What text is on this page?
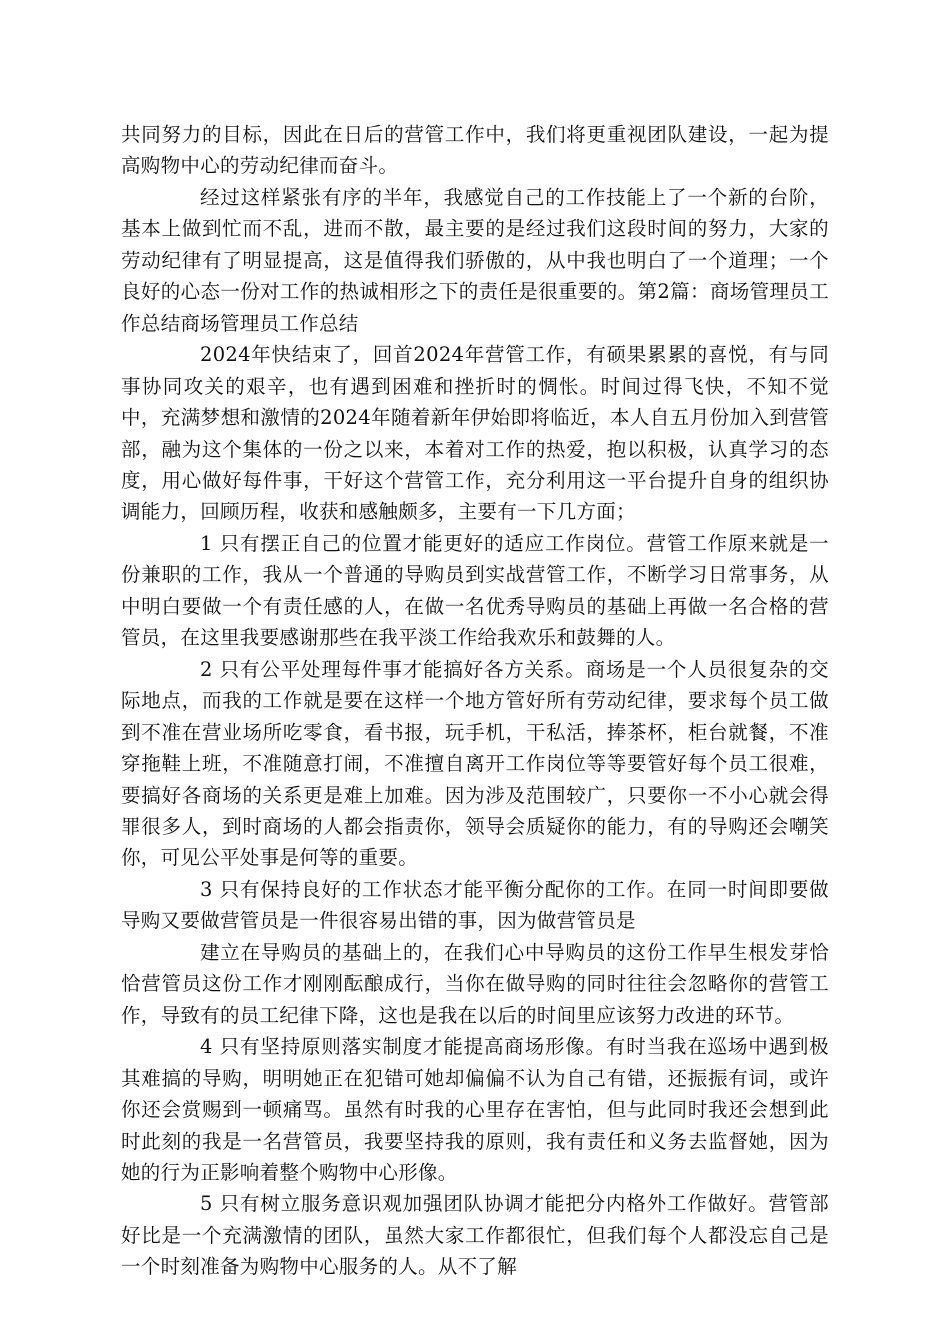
共同努力的目标，因此在日后的营管工作中，我们将更重视团队建设，一起为提高购物中心的劳动纪律而奋斗。

经过这样紧张有序的半年，我感觉自己的工作技能上了一个新的台阶，基本上做到忙而不乱，进而不散，最主要的是经过我们这段时间的努力，大家的劳动纪律有了明显提高，这是值得我们骄傲的，从中我也明白了一个道理；一个良好的心态一份对工作的热诚相形之下的责任是很重要的。第2篇：商场管理员工作总结商场管理员工作总结

2024年快结束了，回首2024年营管工作，有硕果累累的喜悦，有与同事协同攻关的艰辛，也有遇到困难和挫折时的惆怅。时间过得飞快，不知不觉中，充满梦想和激情的2024年随着新年伊始即将临近，本人自五月份加入到营管部，融为这个集体的一份之以来，本着对工作的热爱，抱以积极，认真学习的态度，用心做好每件事，干好这个营管工作，充分利用这一平台提升自身的组织协调能力，回顾历程，收获和感触颇多，主要有一下几方面；

1 只有摆正自己的位置才能更好的适应工作岗位。营管工作原来就是一份兼职的工作，我从一个普通的导购员到实战营管工作，不断学习日常事务，从中明白要做一个有责任感的人，在做一名优秀导购员的基础上再做一名合格的营管员，在这里我要感谢那些在我平淡工作给我欢乐和鼓舞的人。

2 只有公平处理每件事才能搞好各方关系。商场是一个人员很复杂的交际地点，而我的工作就是要在这样一个地方管好所有劳动纪律，要求每个员工做到不准在营业场所吃零食，看书报，玩手机，干私活，捧茶杯，柜台就餐，不准穿拖鞋上班，不准随意打闹，不准擅自离开工作岗位等等要管好每个员工很难，要搞好各商场的关系更是难上加难。因为涉及范围较广，只要你一不小心就会得罪很多人，到时商场的人都会指责你，领导会质疑你的能力，有的导购还会嘲笑你，可见公平处事是何等的重要。

3 只有保持良好的工作状态才能平衡分配你的工作。在同一时间即要做导购又要做营管员是一件很容易出错的事，因为做营管员是

建立在导购员的基础上的，在我们心中导购员的这份工作早生根发芽恰恰营管员这份工作才刚刚酝酿成行，当你在做导购的同时往往会忽略你的营管工作，导致有的员工纪律下降，这也是我在以后的时间里应该努力改进的环节。

4 只有坚持原则落实制度才能提高商场形像。有时当我在巡场中遇到极其难搞的导购，明明她正在犯错可她却偏偏不认为自己有错，还振振有词，或许你还会赏赐到一顿痛骂。虽然有时我的心里存在害怕，但与此同时我还会想到此时此刻的我是一名营管员，我要坚持我的原则，我有责任和义务去监督她，因为她的行为正影响着整个购物中心形像。

5 只有树立服务意识观加强团队协调才能把分内格外工作做好。营管部好比是一个充满激情的团队，虽然大家工作都很忙，但我们每个人都没忘自己是一个时刻准备为购物中心服务的人。从不了解
